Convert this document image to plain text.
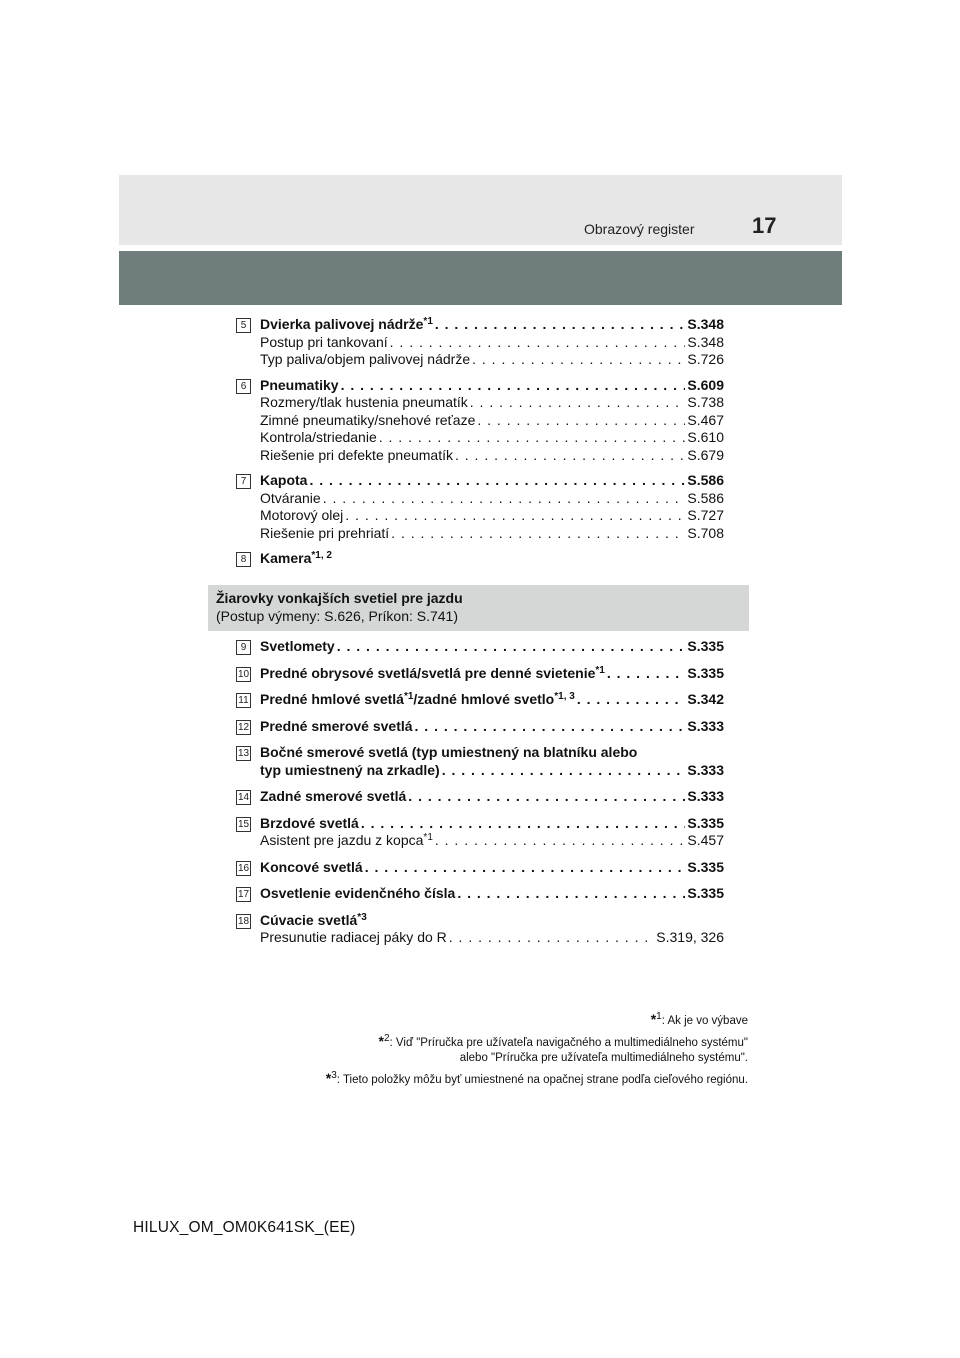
Obrazový register	17
5 Dvierka palivovej nádrže$^{*1}$ . . .	S.348
Postup pri tankovaní . . .	S.348
Typ paliva/objem palivovej nádrže . . .	S.726
6 Pneumatiky . . .	S.609
Rozmery/tlak hustenia pneumatík . . .	S.738
Zimné pneumatiky/snehové reťaze . . .	S.467
Kontrola/striedanie . . .	S.610
Riešenie pri defekte pneumatík . . .	S.679
7 Kapota . . .	S.586
Otváranie . . .	S.586
Motorový olej . . .	S.727
Riešenie pri prehriatí . . .	S.708
8 Kamera$^{*1, 2}$
Žiarovky vonkajších svetiel pre jazdu
(Postup výmeny: S.626, Príkon: S.741)
9 Svetlomety . . .	S.335
10 Predné obrysové svetlá/svetlá pre denné svietenie$^{*1}$ . . .	S.335
11 Predné hmlové svetlá$^{*1}$/zadné hmlové svetlo$^{*1, 3}$ . . .	S.342
12 Predné smerové svetlá . . .	S.333
13 Bočné smerové svetlá (typ umiestnený na blatníku alebo
typ umiestnený na zrkadle) . . .	S.333
14 Zadné smerové svetlá . . .	S.333
15 Brzdové svetlá . . .	S.335
Asistent pre jazdu z kopca$^{*1}$ . . .	S.457
16 Koncové svetlá . . .	S.335
17 Osvetlenie evidenčného čísla . . .	S.335
18 Cúvacie svetlá$^{*3}$
Presunutie radiacej páky do R . . .	S.319, 326
*$^1$: Ak je vo výbave
*$^2$: Viď "Príručka pre užívateľa navigačného a multimediálneho systému"
alebo "Príručka pre užívateľa multimediálneho systému".
*$^3$: Tieto položky môžu byť umiestnené na opačnej strane podľa cieľového regiónu.
HILUX_OM_OM0K641SK_(EE)
